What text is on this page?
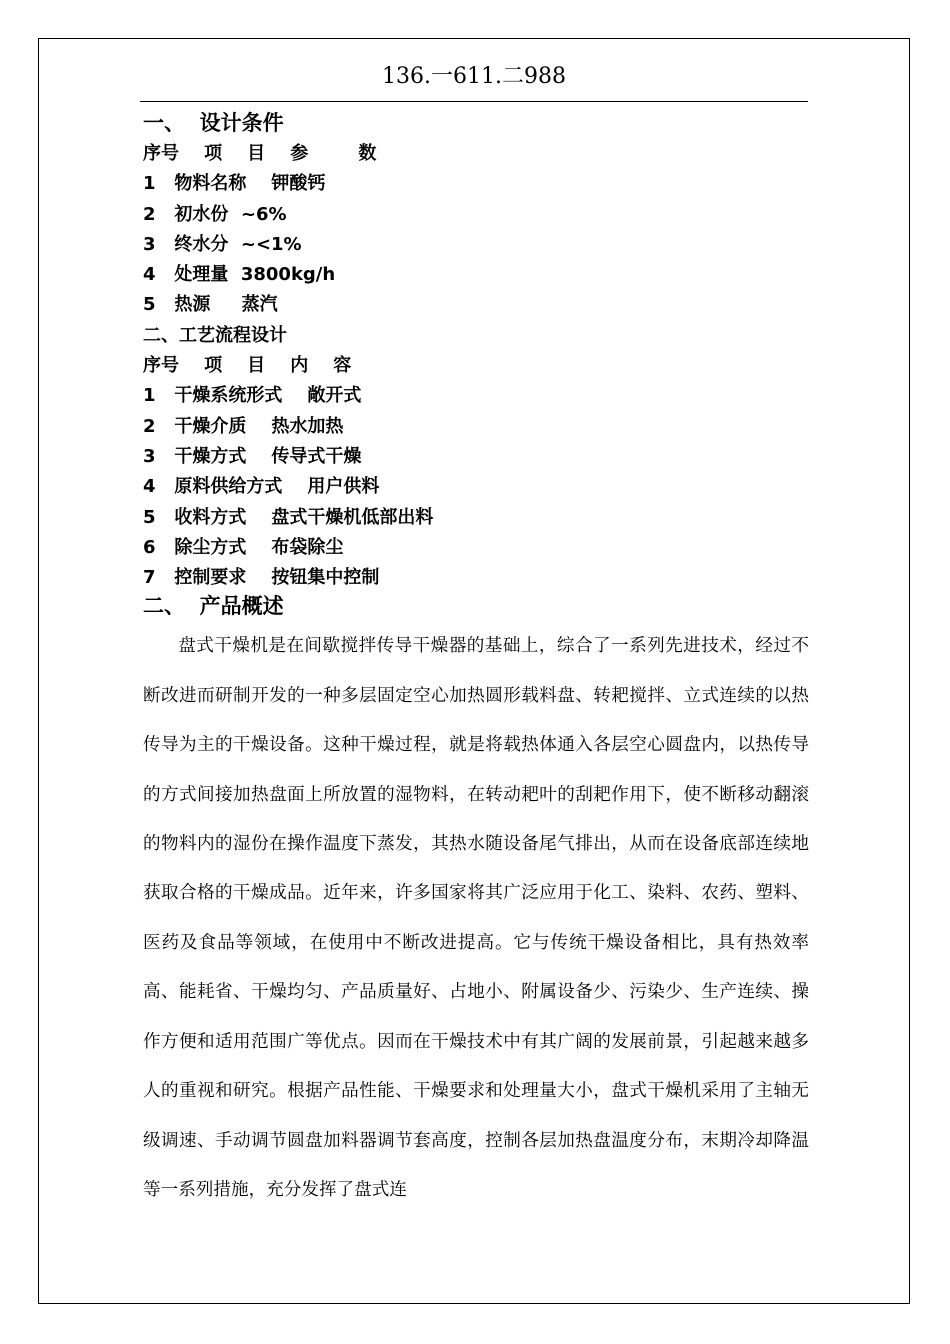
136.一611.二988
一、  设计条件
序号    项    目    参        数
1   物料名称    钾酸钙
2   初水份  ~6%
3   终水分  ~<1%
4   处理量  3800kg/h
5   热源     蒸汽
二、工艺流程设计
序号    项    目    内    容
1   干燥系统形式    敞开式
2   干燥介质    热水加热
3   干燥方式    传导式干燥
4   原料供给方式    用户供料
5   收料方式    盘式干燥机低部出料
6   除尘方式    布袋除尘
7   控制要求    按钮集中控制
二、  产品概述
盘式干燥机是在间歇搅拌传导干燥器的基础上，综合了一系列先进技术，经过不断改进而研制开发的一种多层固定空心加热圆形载料盘、转耙搅拌、立式连续的以热传导为主的干燥设备。这种干燥过程，就是将载热体通入各层空心圆盘内，以热传导的方式间接加热盘面上所放置的湿物料，在转动耙叶的刮耙作用下，使不断移动翻滚的物料内的湿份在操作温度下蒸发，其热水随设备尾气排出，从而在设备底部连续地获取合格的干燥成品。近年来，许多国家将其广泛应用于化工、染料、农药、塑料、医药及食品等领域，在使用中不断改进提高。它与传统干燥设备相比，具有热效率高、能耗省、干燥均匀、产品质量好、占地小、附属设备少、污染少、生产连续、操作方便和适用范围广等优点。因而在干燥技术中有其广阔的发展前景，引起越来越多人的重视和研究。根据产品性能、干燥要求和处理量大小，盘式干燥机采用了主轴无级调速、手动调节圆盘加料器调节套高度，控制各层加热盘温度分布，末期冷却降温等一系列措施，充分发挥了盘式连
